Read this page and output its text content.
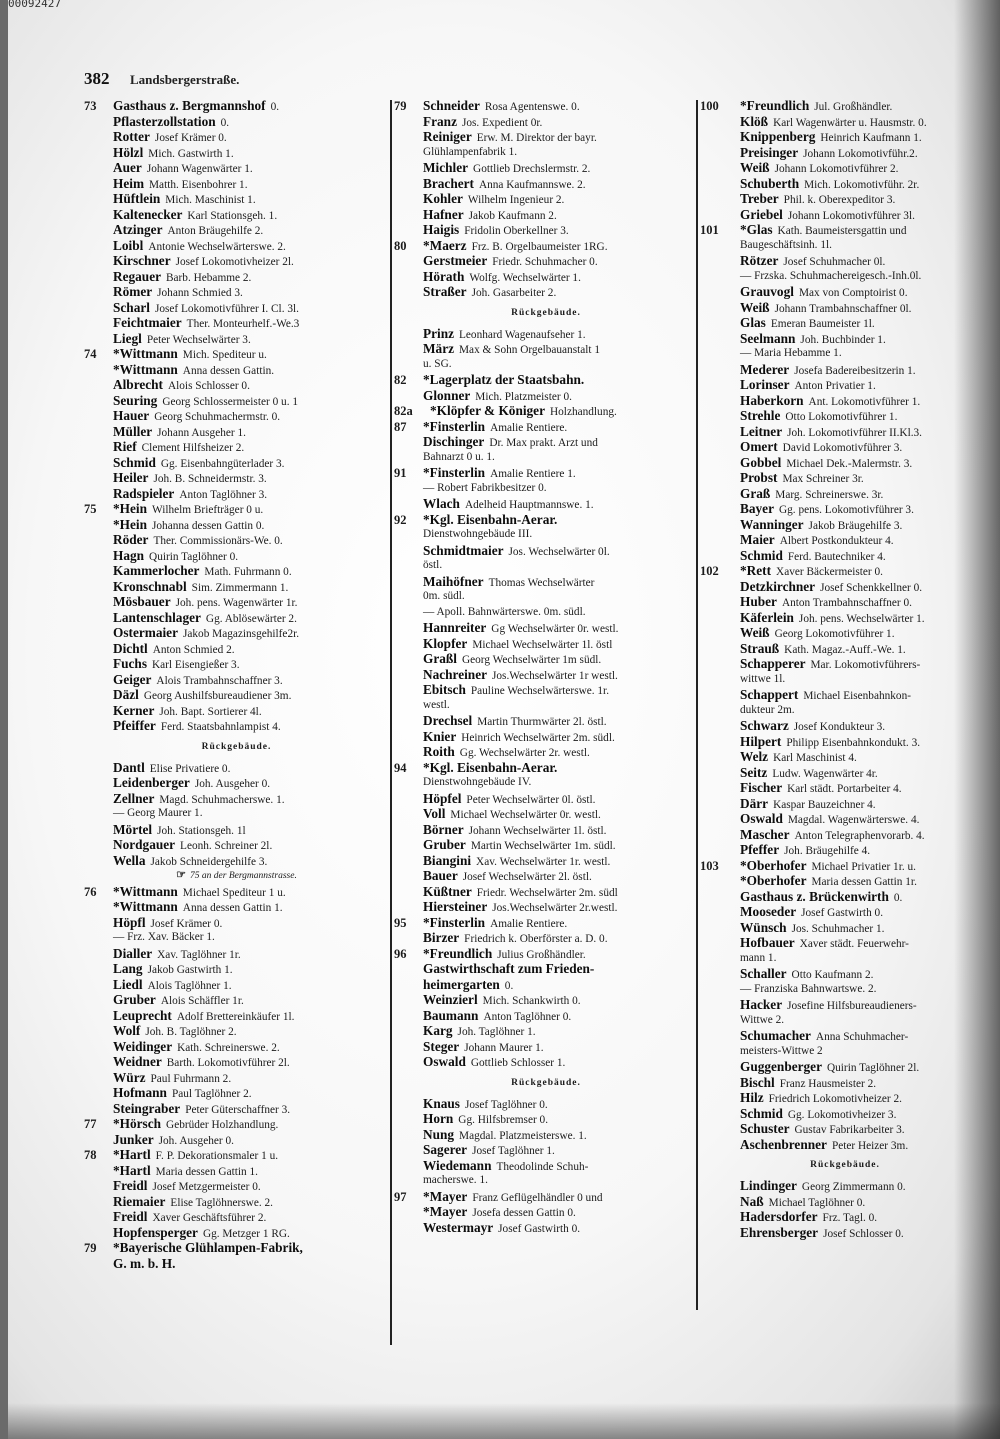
00092427
382 Landsbergerstraße.
73	Gasthaus z. Bergmannshof 0.
Pflasterzollstation 0.
Rotter Josef Krämer 0.
Hölzl Mich. Gastwirth 1.
Auer Johann Wagenwärter 1.
Heim Matth. Eisenbohrer 1.
Hüftlein Mich. Maschinist 1.
Kaltenecker Karl Stationsgeh. 1.
Atzinger Anton Bräugehilfe 2.
Loibl Antonie Wechselwärterswe. 2.
Kirschner Josef Lokomotivheizer 2l.
Regauer Barb. Hebamme 2.
Römer Johann Schmied 3.
Scharl Josef Lokomotivführer I. Cl. 3l.
Feichtmaier Ther. Monteurhelf.-We.3
Liegl Peter Wechselwärter 3.
74	* Wittmann Mich. Spediteur u.
* Wittmann Anna dessen Gattin.
Albrecht Alois Schlosser 0.
Seuring Georg Schlossermeister 0 u. 1
Hauer Georg Schuhmachermstr. 0.
Müller Johann Ausgeher 1.
Rief Clement Hilfsheizer 2.
Schmid Gg. Eisenbahngüterlader 3.
Heiler Joh. B. Schneidermstr. 3.
Radspieler Anton Taglöhner 3.
75	* Hein Wilhelm Briefträger 0 u.
* Hein Johanna dessen Gattin 0.
Röder Ther. Commissionärs-We. 0.
Hagn Quirin Taglöhner 0.
Kammerlocher Math. Fuhrmann 0.
Kronschnabl Sim. Zimmermann 1.
Mösbauer Joh. pens. Wagenwärter 1r.
Lantenschlager Gg. Ablösewärter 2.
Ostermaier Jakob Magazinsgehilfe2r.
Dichtl Anton Schmied 2.
Fuchs Karl Eisengießer 3.
Geiger Alois Trambahnschaffner 3.
Däzl Georg Aushilfsbureaudiener 3m.
Kerner Joh. Bapt. Sortierer 4l.
Pfeiffer Ferd. Staatsbahnlampist 4.
Rückgebäude.
Dantl Elise Privatiere 0.
Leidenberger Joh. Ausgeher 0.
Zellner Magd. Schuhmacherswe. 1.
— Georg Maurer 1.
Mörtel Joh. Stationsgeh. 1l
Nordgauer Leonh. Schreiner 2l.
Wella Jakob Schneidergehilfe 3.
☞ 75 an der Bergmannstrasse.
76	* Wittmann Michael Spediteur 1 u.
* Wittmann Anna dessen Gattin 1.
Höpfl Josef Krämer 0.
— Frz. Xav. Bäcker 1.
Dialler Xav. Taglöhner 1r.
Lang Jakob Gastwirth 1.
Liedl Alois Taglöhner 1.
Gruber Alois Schäffler 1r.
Leuprecht Adolf Brettereinkäufer 1l.
Wolf Joh. B. Taglöhner 2.
Weidinger Kath. Schreinerswe. 2.
Weidner Barth. Lokomotivführer 2l.
Würz Paul Fuhrmann 2.
Hofmann Paul Taglöhner 2.
Steingraber Peter Güterschaffner 3.
77	* Hörsch Gebrüder Holzhandlung.
Junker Joh. Ausgeher 0.
78	* Hartl F. P. Dekorationsmaler 1 u.
* Hartl Maria dessen Gattin 1.
Freidl Josef Metzgermeister 0.
Riemaier Elise Taglöhnerswe. 2.
Freidl Xaver Geschäftsführer 2.
Hopfensperger Gg. Metzger 1 RG.
79	* Bayerische Glühlampen-Fabrik,
G. m. b. H.
79	Schneider Rosa Agentenswe. 0.
Franz Jos. Expedient 0r.
Reiniger Erw. M. Direktor der bayr.
Glühlampenfabrik 1.
Michler Gottlieb Drechslermstr. 2.
Brachert Anna Kaufmannswe. 2.
Kohler Wilhelm Ingenieur 2.
Hafner Jakob Kaufmann 2.
Haigis Fridolin Oberkellner 3.
80	* Maerz Frz. B. Orgelbaumeister 1RG.
Gerstmeier Friedr. Schuhmacher 0.
Hörath Wolfg. Wechselwärter 1.
Straßer Joh. Gasarbeiter 2.
Rückgebäude.
Prinz Leonhard Wagenaufseher 1.
März Max & Sohn Orgelbauanstalt 1
u. SG.
82	* Lagerplatz der Staatsbahn.
Glonner Mich. Platzmeister 0.
82a	* Klöpfer & Königer Holzhandlung.
87	* Finsterlin Amalie Rentiere.
Dischinger Dr. Max prakt. Arzt und
Bahnarzt 0 u. 1.
91	* Finsterlin Amalie Rentiere 1.
— Robert Fabrikbesitzer 0.
Wlach Adelheid Hauptmannswe. 1.
92	* Kgl. Eisenbahn-Aerar.
Dienstwohngebäude III.
Schmidtmaier Jos. Wechselwärter 0l.
östl.
Maihöfner Thomas Wechselwärter
0m. südl.
— Apoll. Bahnwärterswe. 0m. südl.
Hannreiter Gg Wechselwärter 0r. westl.
Klopfer Michael Wechselwärter 1l. östl
Graßl Georg Wechselwärter 1m südl.
Nachreiner Jos.Wechselwärter 1r westl.
Ebitsch Pauline Wechselwärterswe. 1r.
westl.
Drechsel Martin Thurmwärter 2l. östl.
Knier Heinrich Wechselwärter 2m. südl.
Roith Gg. Wechselwärter 2r. westl.
94	* Kgl. Eisenbahn-Aerar.
Dienstwohngebäude IV.
Höpfel Peter Wechselwärter 0l. östl.
Voll Michael Wechselwärter 0r. westl.
Börner Johann Wechselwärter 1l. östl.
Gruber Martin Wechselwärter 1m. südl.
Biangini Xav. Wechselwärter 1r. westl.
Bauer Josef Wechselwärter 2l. östl.
Küßtner Friedr. Wechselwärter 2m. südl
Hiersteiner Jos.Wechselwärter 2r.westl.
95	* Finsterlin Amalie Rentiere.
Birzer Friedrich k. Oberförster a. D. 0.
96	* Freundlich Julius Großhändler.
Gastwirthschaft zum Frieden-
heimergarten 0.
Weinzierl Mich. Schankwirth 0.
Baumann Anton Taglöhner 0.
Karg Joh. Taglöhner 1.
Steger Johann Maurer 1.
Oswald Gottlieb Schlosser 1.
Rückgebäude.
Knaus Josef Taglöhner 0.
Horn Gg. Hilfsbremser 0.
Nung Magdal. Platzmeisterswe. 1.
Sagerer Josef Taglöhner 1.
Wiedemann Theodolinde Schuh-
macherswe. 1.
97	* Mayer Franz Geflügelhändler 0 und
* Mayer Josefa dessen Gattin 0.
Westermayr Josef Gastwirth 0.
100	* Freundlich Jul. Großhändler.
Klöß Karl Wagenwärter u. Hausmstr. 0.
Knippenberg Heinrich Kaufmann 1.
Preisinger Johann Lokomotivführ.2.
Weiß Johann Lokomotivführer 2.
Schuberth Mich. Lokomotivführ. 2r.
Treber Phil. k. Oberexpeditor 3.
Griebel Johann Lokomotivführer 3l.
101	* Glas Kath. Baumeistersgattin und
Baugeschäftsinh. 1l.
Rötzer Josef Schuhmacher 0l.
— Frzska. Schuhmachereigesch.-Inh.0l.
Grauvogl Max von Comptoirist 0.
Weiß Johann Trambahnschaffner 0l.
Glas Emeran Baumeister 1l.
Seelmann Joh. Buchbinder 1.
— Maria Hebamme 1.
Mederer Josefa Badereibesitzerin 1.
Lorinser Anton Privatier 1.
Haberkorn Ant. Lokomotivführer 1.
Strehle Otto Lokomotivführer 1.
Leitner Joh. Lokomotivführer II.Kl.3.
Omert David Lokomotivführer 3.
Gobbel Michael Dek.-Malermstr. 3.
Probst Max Schreiner 3r.
Graß Marg. Schreinerswe. 3r.
Bayer Gg. pens. Lokomotivführer 3.
Wanninger Jakob Bräugehilfe 3.
Maier Albert Postkondukteur 4.
Schmid Ferd. Bautechniker 4.
102	* Rett Xaver Bäckermeister 0.
Detzkirchner Josef Schenkkellner 0.
Huber Anton Trambahnschaffner 0.
Käferlein Joh. pens. Wechselwärter 1.
Weiß Georg Lokomotivführer 1.
Strauß Kath. Magaz.-Auff.-We. 1.
Schapperer Mar. Lokomotivführers-
wittwe 1l.
Schappert Michael Eisenbahnkon-
dukteur 2m.
Schwarz Josef Kondukteur 3.
Hilpert Philipp Eisenbahnkondukt. 3.
Welz Karl Maschinist 4.
Seitz Ludw. Wagenwärter 4r.
Fischer Karl städt. Portarbeiter 4.
Därr Kaspar Bauzeichner 4.
Oswald Magdal. Wagenwärterswe. 4.
Mascher Anton Telegraphenvorarb. 4.
Pfeffer Joh. Bräugehilfe 4.
103	* Oberhofer Michael Privatier 1r. u.
* Oberhofer Maria dessen Gattin 1r.
Gasthaus z. Brückenwirth 0.
Mooseder Josef Gastwirth 0.
Wünsch Jos. Schuhmacher 1.
Hofbauer Xaver städt. Feuerwehr-
mann 1.
Schaller Otto Kaufmann 2.
— Franziska Bahnwartswe. 2.
Hacker Josefine Hilfsbureaudieners-
Wittwe 2.
Schumacher Anna Schuhmacher-
meisters-Wittwe 2
Guggenberger Quirin Taglöhner 2l.
Bischl Franz Hausmeister 2.
Hilz Friedrich Lokomotivheizer 2.
Schmid Gg. Lokomotivheizer 3.
Schuster Gustav Fabrikarbeiter 3.
Aschenbrenner Peter Heizer 3m.
Rückgebäude.
Lindinger Georg Zimmermann 0.
Naß Michael Taglöhner 0.
Hadersdorfer Frz. Tagl. 0.
Ehrensberger Josef Schlosser 0.
